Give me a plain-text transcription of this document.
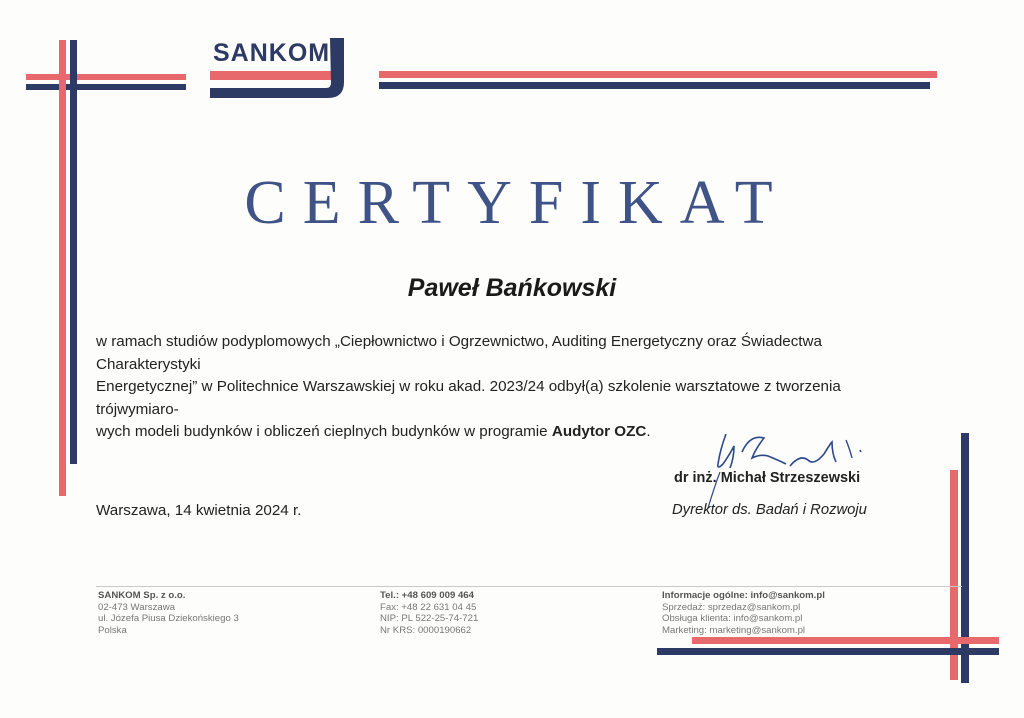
SANKOM
CERTYFIKAT
Paweł Bańkowski
w ramach studiów podyplomowych „Ciepłownictwo i Ogrzewnictwo, Auditing Energetyczny oraz Świadectwa Charakterystyki
Energetycznej” w Politechnice Warszawskiej w roku akad. 2023/24 odbył(a) szkolenie warsztatowe z tworzenia trójwymiaro-
wych modeli budynków i obliczeń cieplnych budynków w programie Audytor OZC.
Warszawa, 14 kwietnia 2024 r.
dr inż. Michał Strzeszewski
Dyrektor ds. Badań i Rozwoju
SANKOM Sp. z o.o.
02-473 Warszawa
ul. Józefa Piusa Dziekońskiego 3
Polska
Tel.: +48 609 009 464
Fax: +48 22 631 04 45
NIP: PL 522-25-74-721
Nr KRS: 0000190662
Informacje ogólne: info@sankom.pl
Sprzedaż: sprzedaz@sankom.pl
Obsługa klienta: info@sankom.pl
Marketing: marketing@sankom.pl
